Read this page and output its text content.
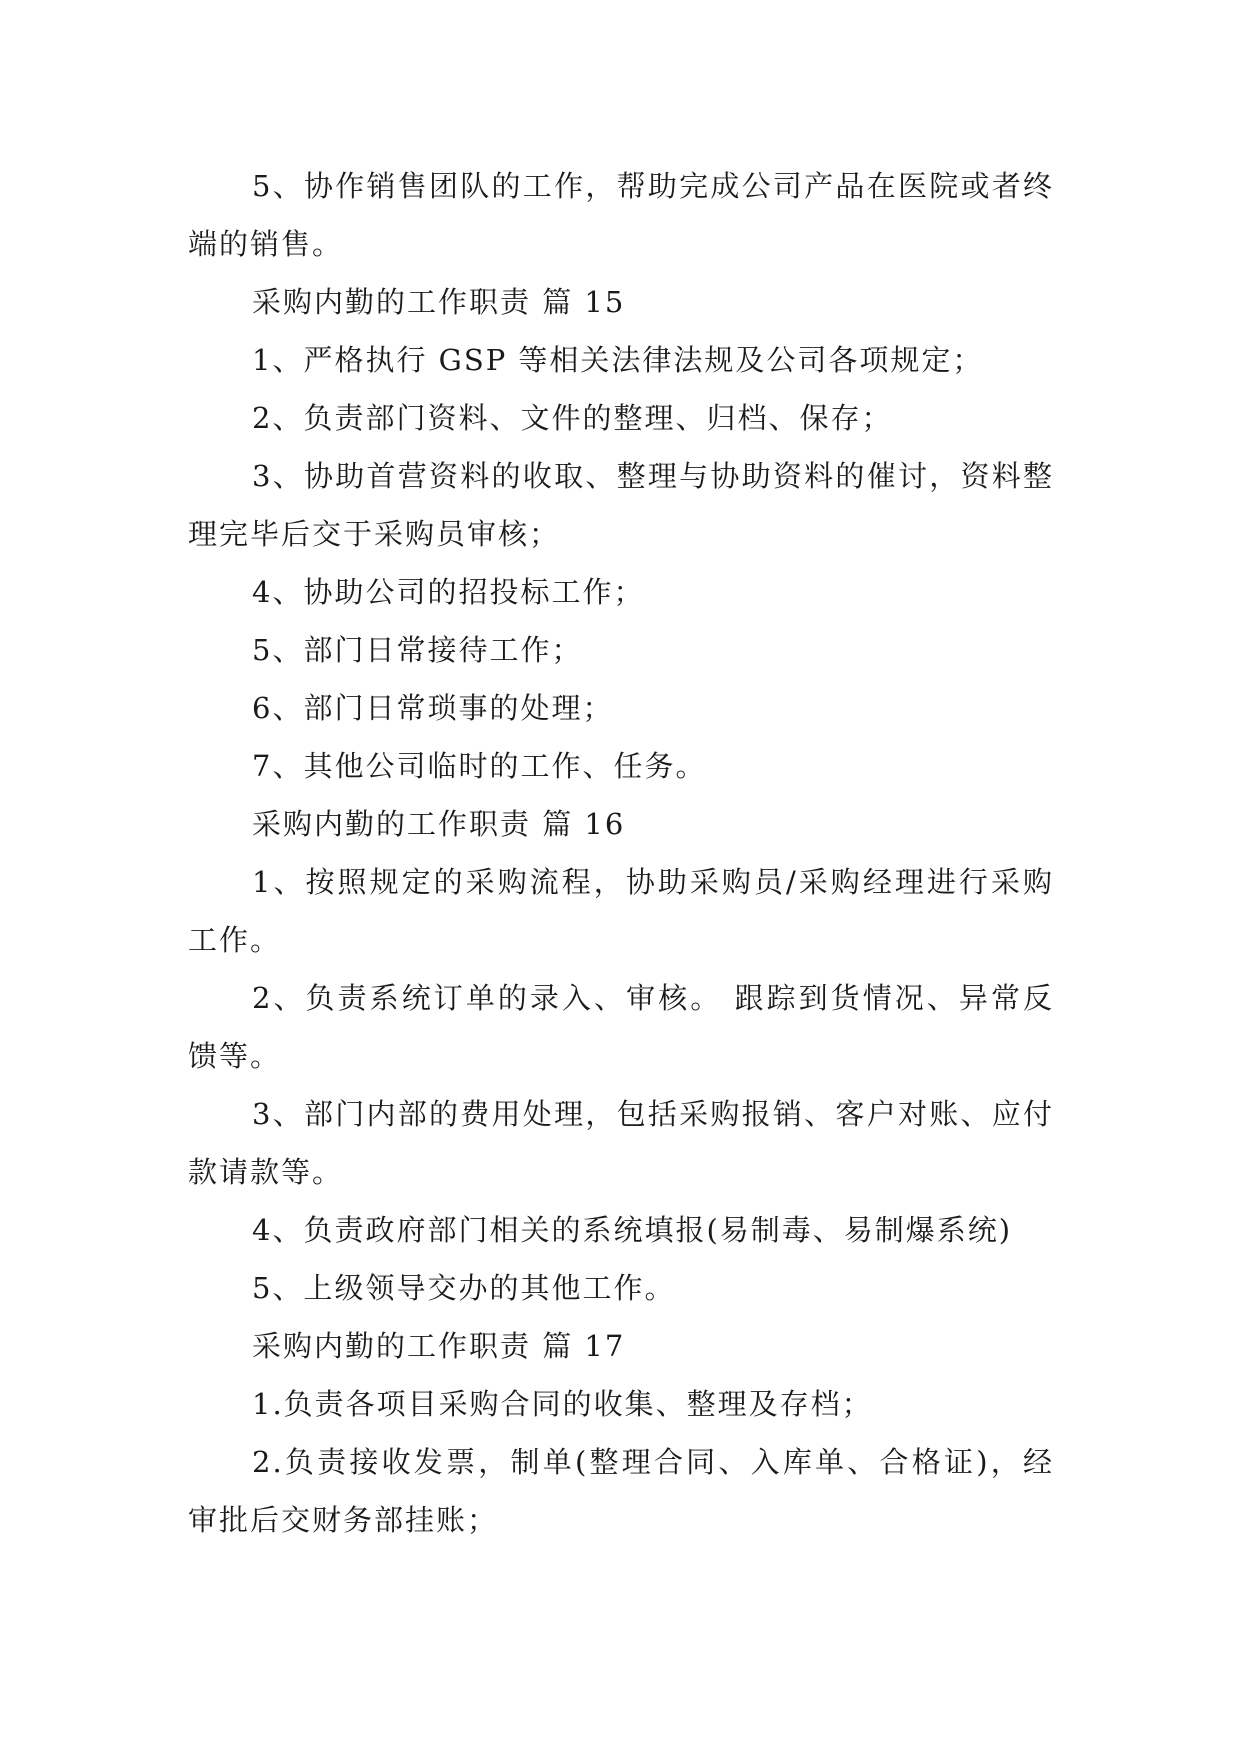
5、协作销售团队的工作，帮助完成公司产品在医院或者终端的销售。

采购内勤的工作职责 篇 15

1、严格执行 GSP 等相关法律法规及公司各项规定；

2、负责部门资料、文件的整理、归档、保存；

3、协助首营资料的收取、整理与协助资料的催讨，资料整理完毕后交于采购员审核；

4、协助公司的招投标工作；

5、部门日常接待工作；

6、部门日常琐事的处理；

7、其他公司临时的工作、任务。

采购内勤的工作职责 篇 16

1、按照规定的采购流程，协助采购员/采购经理进行采购工作。

2、负责系统订单的录入、审核。 跟踪到货情况、异常反馈等。

3、部门内部的费用处理，包括采购报销、客户对账、应付款请款等。

4、负责政府部门相关的系统填报(易制毒、易制爆系统)

5、上级领导交办的其他工作。

采购内勤的工作职责 篇 17

1.负责各项目采购合同的收集、整理及存档；

2.负责接收发票，制单(整理合同、入库单、合格证)，经审批后交财务部挂账；
